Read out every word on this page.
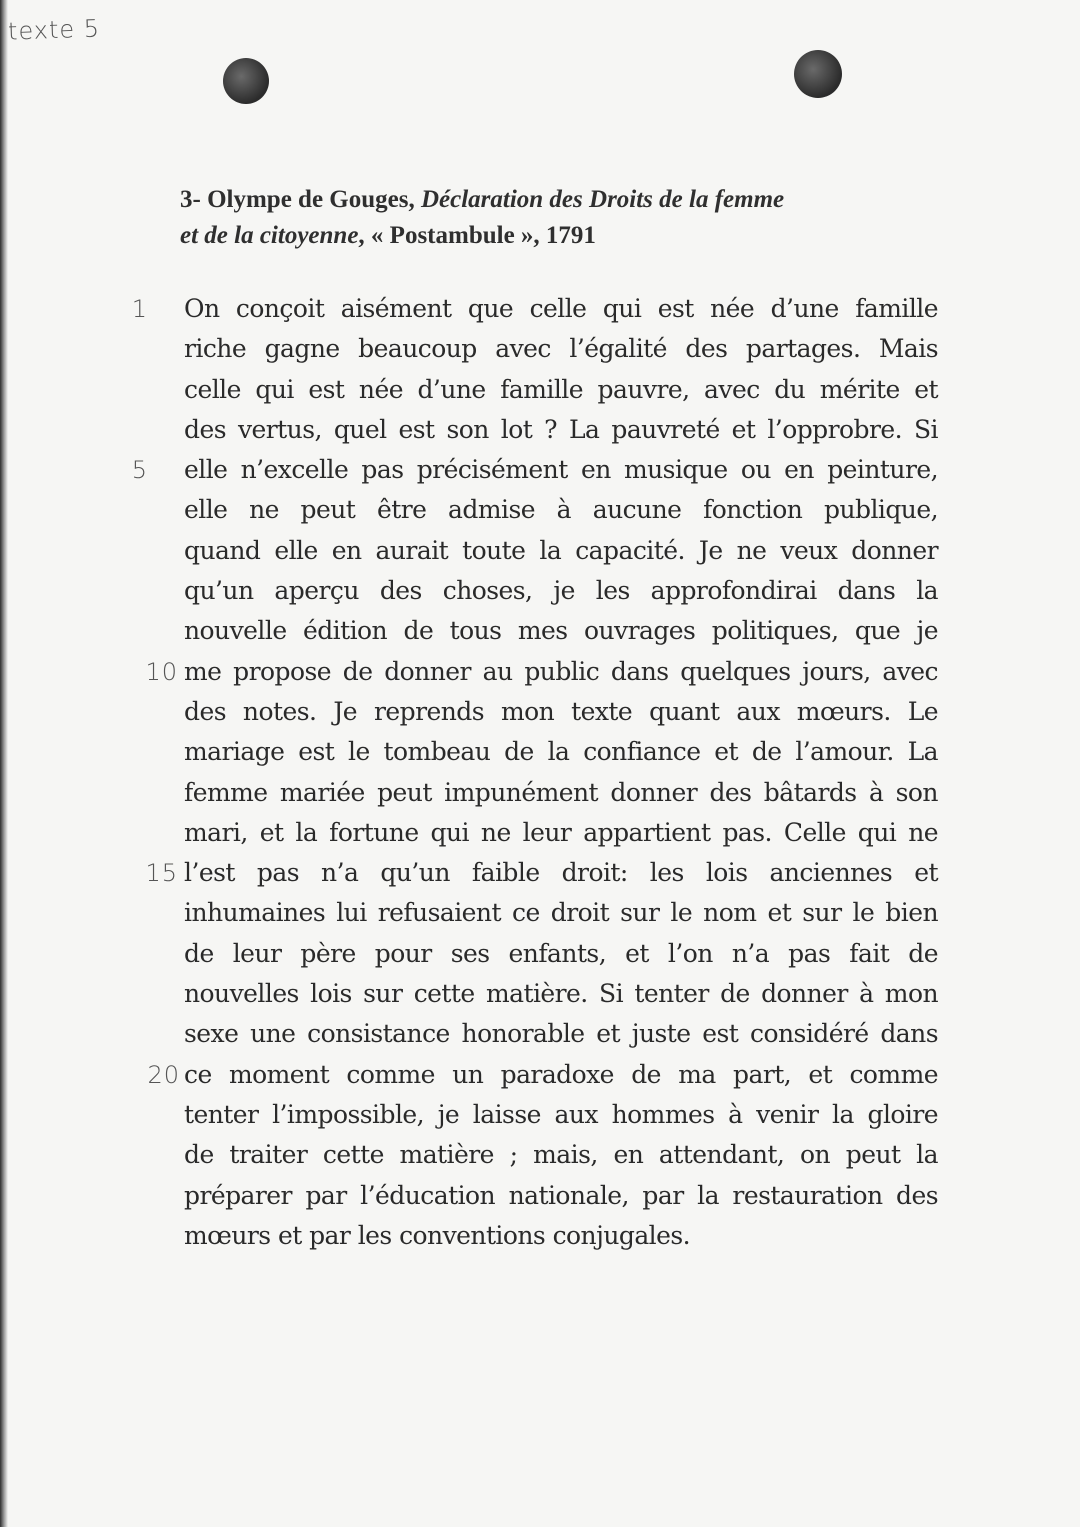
texte 5
3- Olympe de Gouges, Déclaration des Droits de la femme
et de la citoyenne, « Postambule », 1791
1
5
10
15
20
On conçoit aisément que celle qui est née d’une famille
riche gagne beaucoup avec l’égalité des partages. Mais
celle qui est née d’une famille pauvre, avec du mérite et
des vertus, quel est son lot ? La pauvreté et l’opprobre. Si
elle n’excelle pas précisément en musique ou en peinture,
elle ne peut être admise à aucune fonction publique,
quand elle en aurait toute la capacité. Je ne veux donner
qu’un aperçu des choses, je les approfondirai dans la
nouvelle édition de tous mes ouvrages politiques, que je
me propose de donner au public dans quelques jours, avec
des notes. Je reprends mon texte quant aux mœurs. Le
mariage est le tombeau de la confiance et de l’amour. La
femme mariée peut impunément donner des bâtards à son
mari, et la fortune qui ne leur appartient pas. Celle qui ne
l’est pas n’a qu’un faible droit: les lois anciennes et
inhumaines lui refusaient ce droit sur le nom et sur le bien
de leur père pour ses enfants, et l’on n’a pas fait de
nouvelles lois sur cette matière. Si tenter de donner à mon
sexe une consistance honorable et juste est considéré dans
ce moment comme un paradoxe de ma part, et comme
tenter l’impossible, je laisse aux hommes à venir la gloire
de traiter cette matière ; mais, en attendant, on peut la
préparer par l’éducation nationale, par la restauration des
mœurs et par les conventions conjugales.
